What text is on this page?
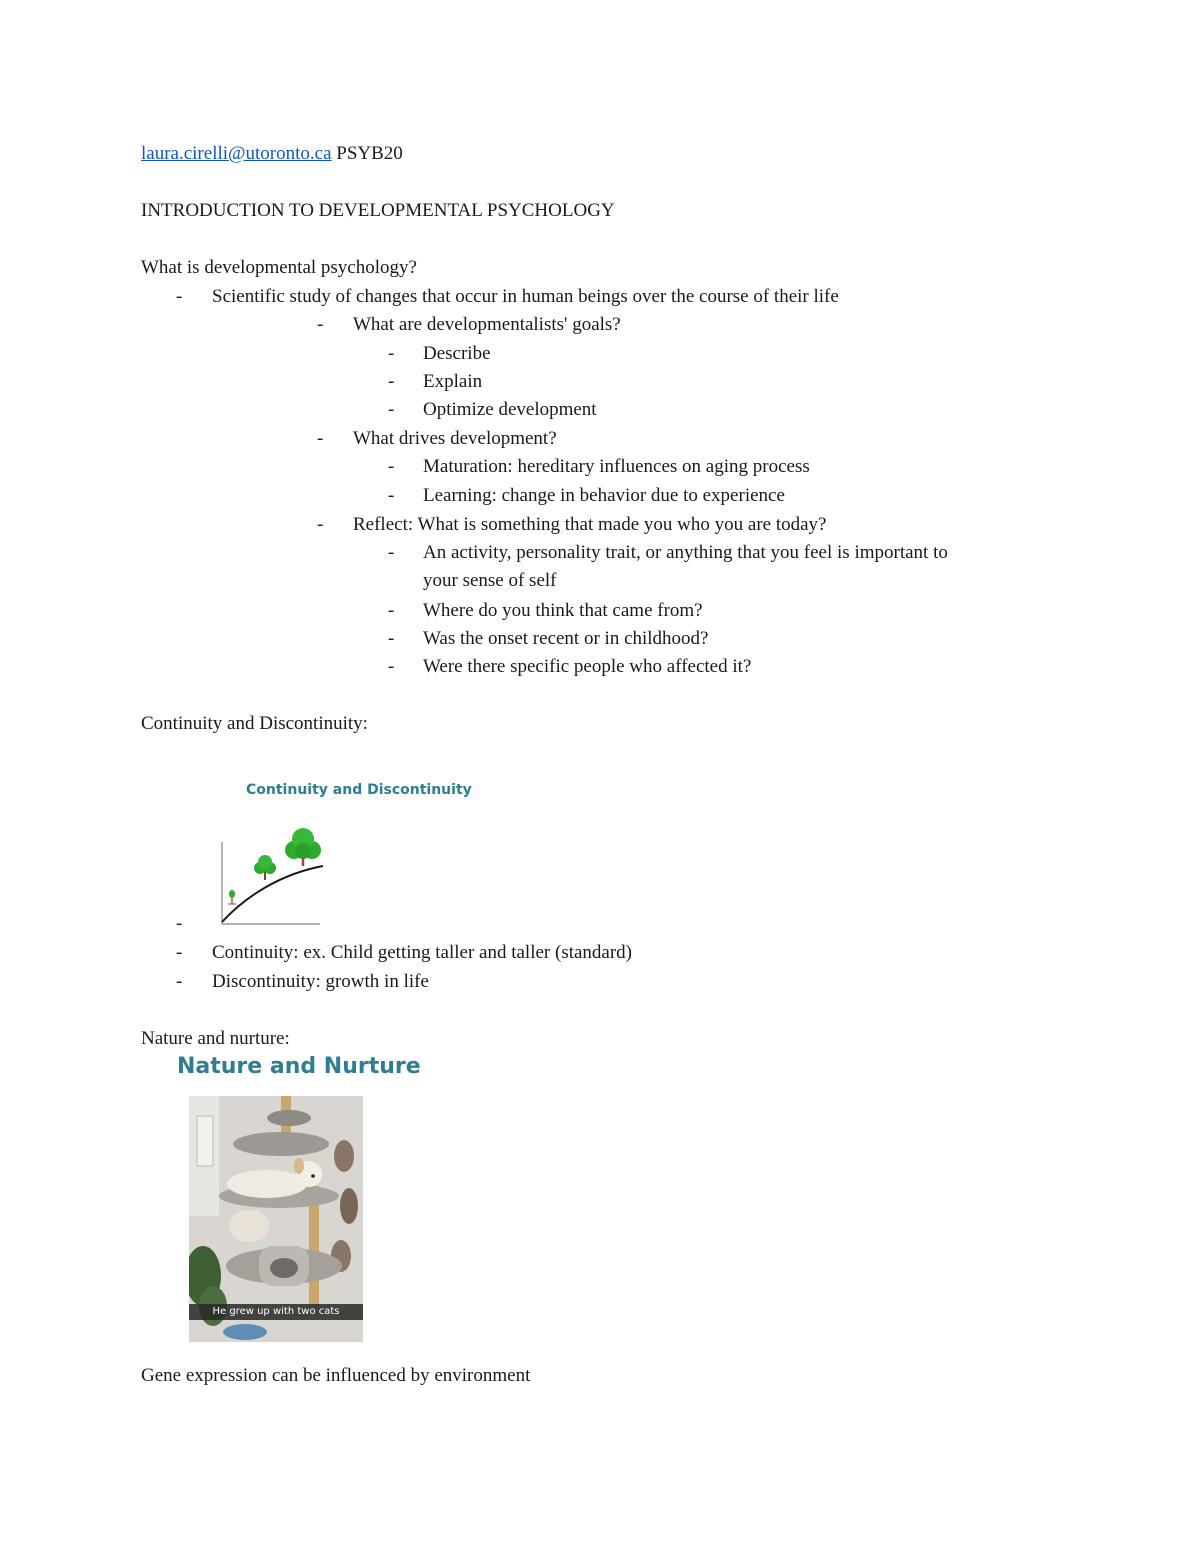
laura.cirelli@utoronto.ca PSYB20
INTRODUCTION TO DEVELOPMENTAL PSYCHOLOGY
What is developmental psychology?
- Scientific study of changes that occur in human beings over the course of their life
- What are developmentalists' goals?
- Describe
- Explain
- Optimize development
- What drives development?
- Maturation: hereditary influences on aging process
- Learning: change in behavior due to experience
- Reflect: What is something that made you who you are today?
- An activity, personality trait, or anything that you feel is important to
your sense of self
- Where do you think that came from?
- Was the onset recent or in childhood?
- Were there specific people who affected it?
Continuity and Discontinuity:
Continuity and Discontinuity
-
- Continuity: ex. Child getting taller and taller (standard)
- Discontinuity: growth in life
Nature and nurture:
Nature and Nurture
He grew up with two cats
Gene expression can be influenced by environment
